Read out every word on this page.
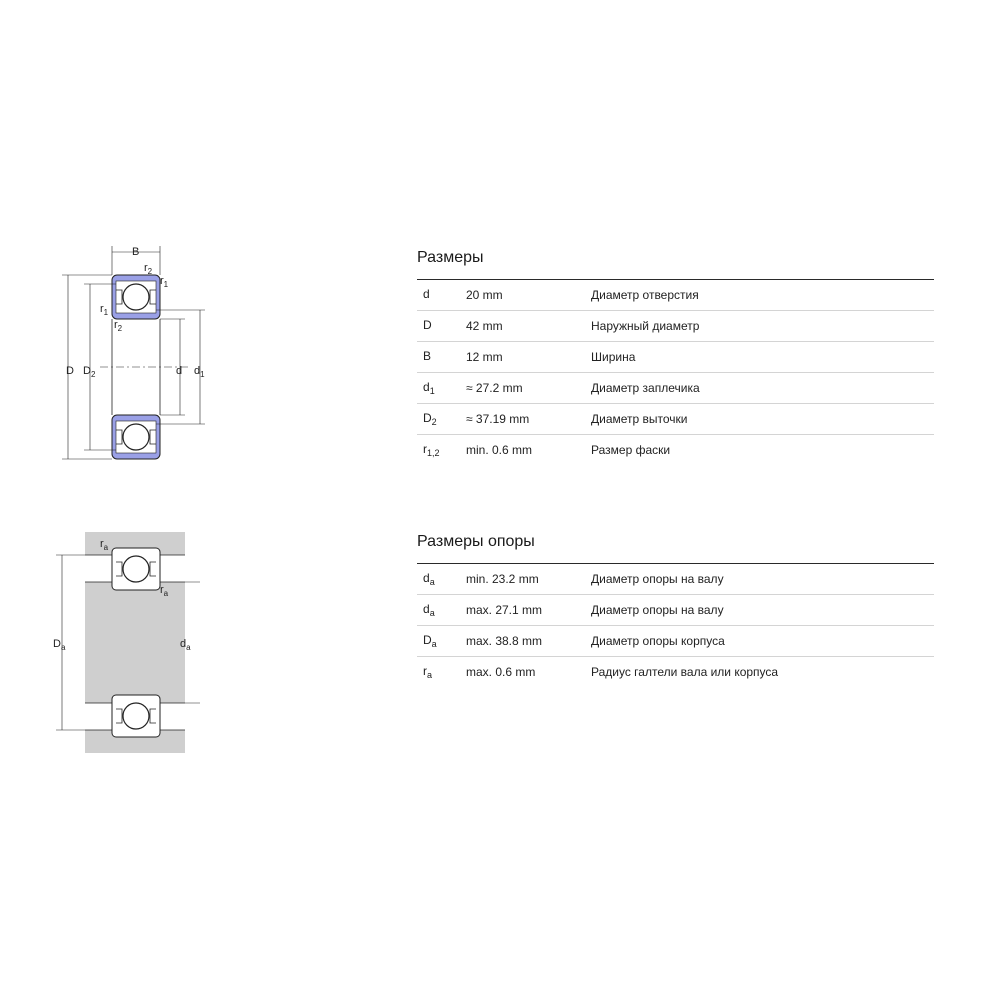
B
$r_2$
$r_1$
$r_1$
$r_2$
D $D_2$	d $d_1$
$r_a$
$r_a$
$D_a$	$d_a$
Размеры
d	20 mm	Диаметр отверстия
D	42 mm	Наружный диаметр
B	12 mm	Ширина
$d_1$	≈ 27.2 mm	Диаметр заплечика
$D_2$	≈ 37.19 mm	Диаметр выточки
$r_{1,2}$	min. 0.6 mm	Размер фаски
Размеры опоры
$d_a$	min. 23.2 mm	Диаметр опоры на валу
$d_a$	max. 27.1 mm	Диаметр опоры на валу
$D_a$	max. 38.8 mm	Диаметр опоры корпуса
$r_a$	max. 0.6 mm	Радиус галтели вала или корпуса
